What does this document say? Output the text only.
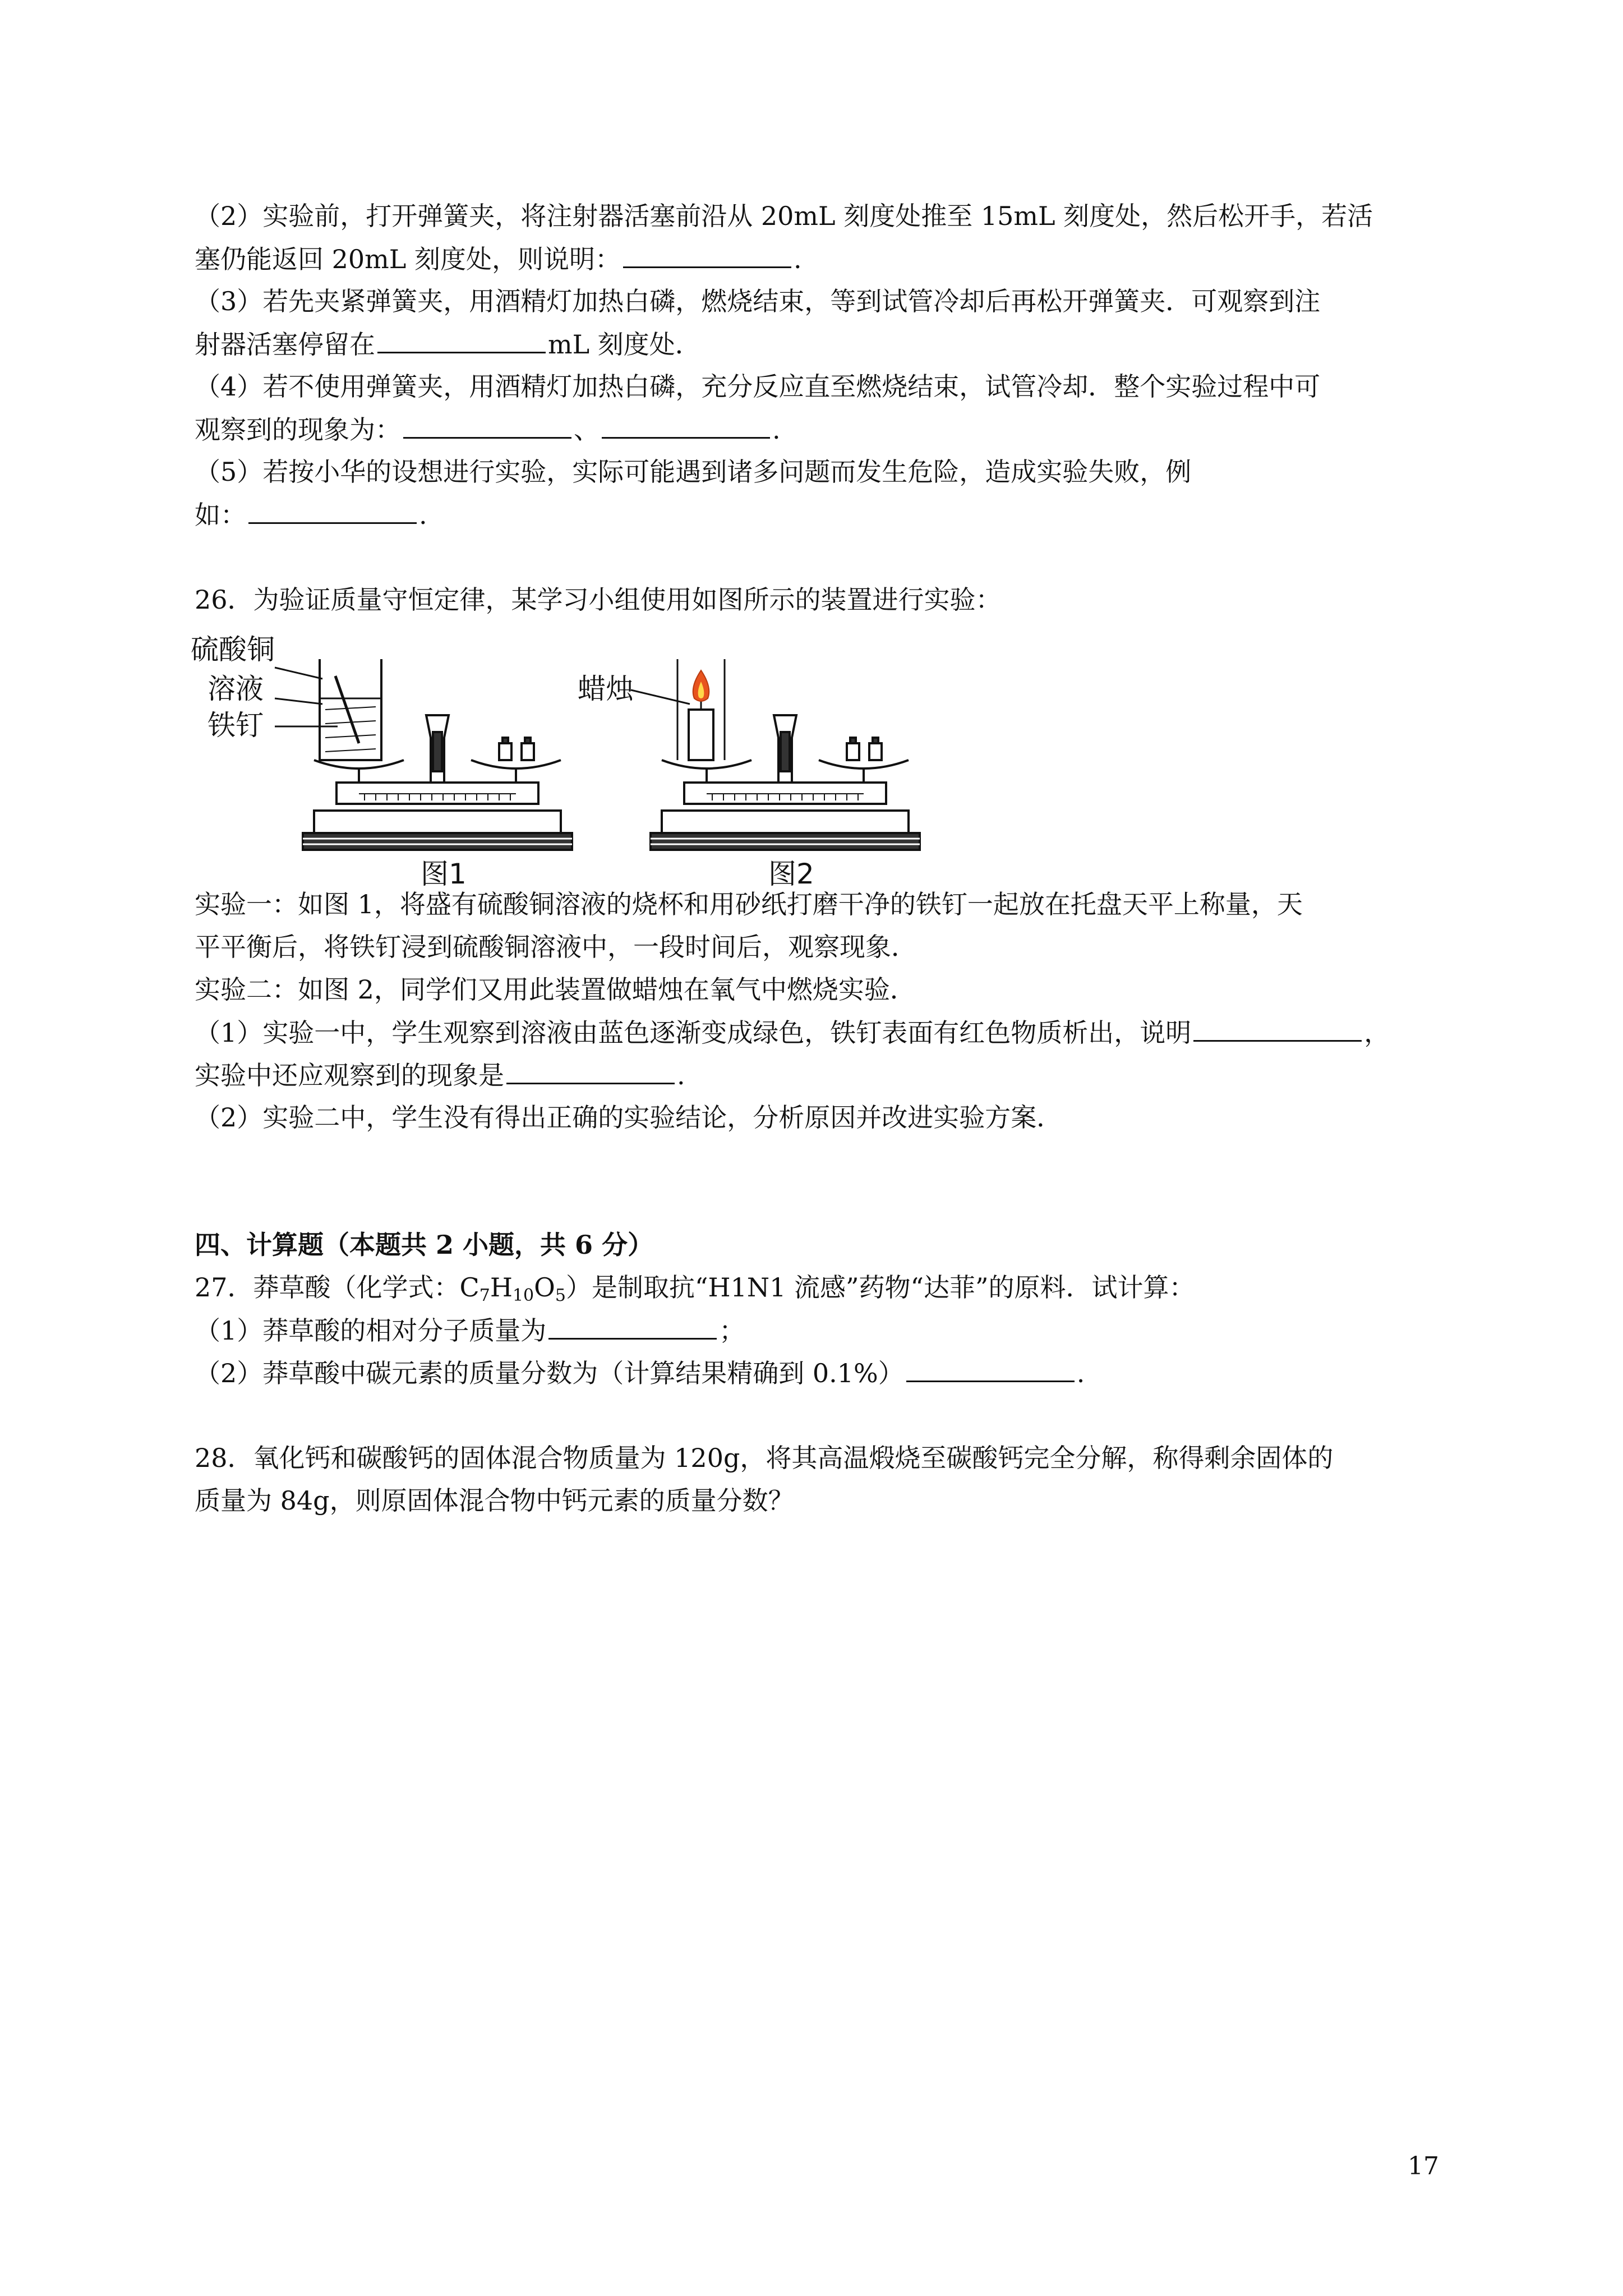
（2）实验前，打开弹簧夹，将注射器活塞前沿从 20mL 刻度处推至 15mL 刻度处，然后松开手，若活
塞仍能返回 20mL 刻度处，则说明：	.
（3）若先夹紧弹簧夹，用酒精灯加热白磷，燃烧结束，等到试管冷却后再松开弹簧夹．可观察到注
射器活塞停留在	mL 刻度处．
（4）若不使用弹簧夹，用酒精灯加热白磷，充分反应直至燃烧结束，试管冷却．整个实验过程中可
观察到的现象为：	、	.
（5）若按小华的设想进行实验，实际可能遇到诸多问题而发生危险，造成实验失败，例
如：	.
26．为验证质量守恒定律，某学习小组使用如图所示的装置进行实验：
硫酸铜
溶液
铁钉
图1
蜡烛
图2
实验一：如图 1，将盛有硫酸铜溶液的烧杯和用砂纸打磨干净的铁钉一起放在托盘天平上称量，天
平平衡后，将铁钉浸到硫酸铜溶液中，一段时间后，观察现象．
实验二：如图 2，同学们又用此装置做蜡烛在氧气中燃烧实验．
（1）实验一中，学生观察到溶液由蓝色逐渐变成绿色，铁钉表面有红色物质析出，说明	，
实验中还应观察到的现象是	.
（2）实验二中，学生没有得出正确的实验结论，分析原因并改进实验方案．
四、计算题（本题共 2 小题，共 6 分）
27．莽草酸（化学式：$C_7H_{10}O_5$）是制取抗“H1N1 流感”药物“达菲”的原料．试计算：
（1）莽草酸的相对分子质量为	；
（2）莽草酸中碳元素的质量分数为（计算结果精确到 0.1%）	.
28．氧化钙和碳酸钙的固体混合物质量为 120g，将其高温煅烧至碳酸钙完全分解，称得剩余固体的
质量为 84g，则原固体混合物中钙元素的质量分数？
17
